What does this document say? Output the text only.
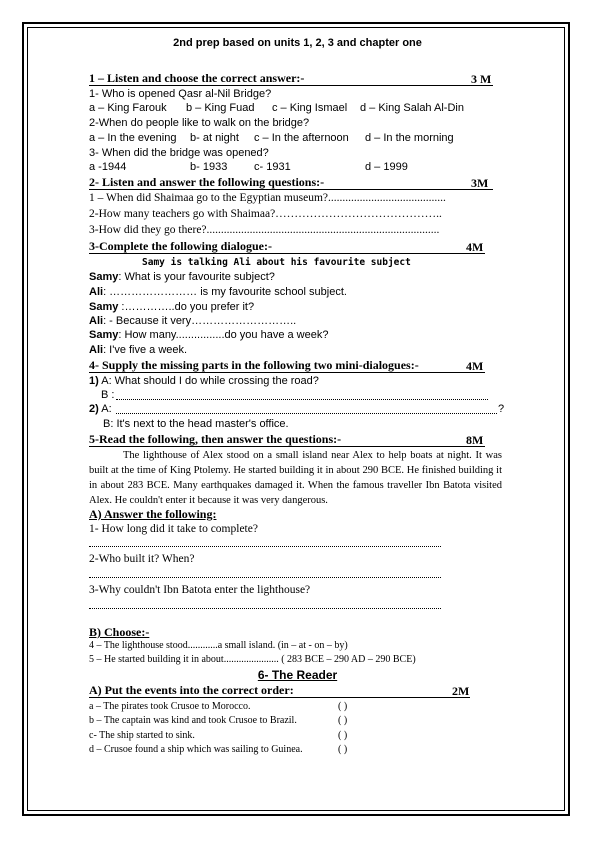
2nd prep based on units 1, 2, 3 and chapter one
1 – Listen and choose the correct answer:-	3 M
1- Who is opened Qasr al-Nil Bridge?
a – King Farouk b – King Fuad c – King Ismael d – King Salah Al-Din
2-When do people like to walk on the bridge?
a – In the evening b- at night c – In the afternoon d – In the morning
3- When did the bridge was opened?
a -1944	b- 1933 c- 1931	d – 1999
2- Listen and answer the following questions:-	3M
1 – When did Shaimaa go to the Egyptian museum?.........................................
2-How many teachers go with Shaimaa?……………………………………..
3-How did they go there?.................................................................................
3-Complete the following dialogue:-	4M
Samy is talking Ali about his favourite subject
Samy: What is your favourite subject?
Ali: …………………… is my favourite school subject.
Samy :…………..do you prefer it?
Ali: - Because it very………………………..
Samy: How many................do you have a week?
Ali: I've five a week.
4- Supply the missing parts in the following two mini-dialogues:-	4M
1) A: What should I do while crossing the road?
B :
2) A:	?
B: It's next to the head master's office.
5-Read the following, then answer the questions:-	8M
The lighthouse of Alex stood on a small island near Alex to help boats at night. It was built at the time of King Ptolemy. He started building it in about 290 BCE. He finished building it in about 283 BCE. Many earthquakes damaged it. When the famous traveller Ibn Batota visited Alex. He couldn't enter it because it was very dangerous.
A) Answer the following:
1- How long did it take to complete?
2-Who built it? When?
3-Why couldn't Ibn Batota enter the lighthouse?
B) Choose:-
4 – The lighthouse stood............a small island. (in – at - on – by)
5 – He started building it in about...................... ( 283 BCE – 290 AD – 290 BCE)
6- The Reader
A) Put the events into the correct order:	2M
a – The pirates took Crusoe to Morocco.	( )
b – The captain was kind and took Crusoe to Brazil.	( )
c- The ship started to sink.	( )
d – Crusoe found a ship which was sailing to Guinea.	( )
